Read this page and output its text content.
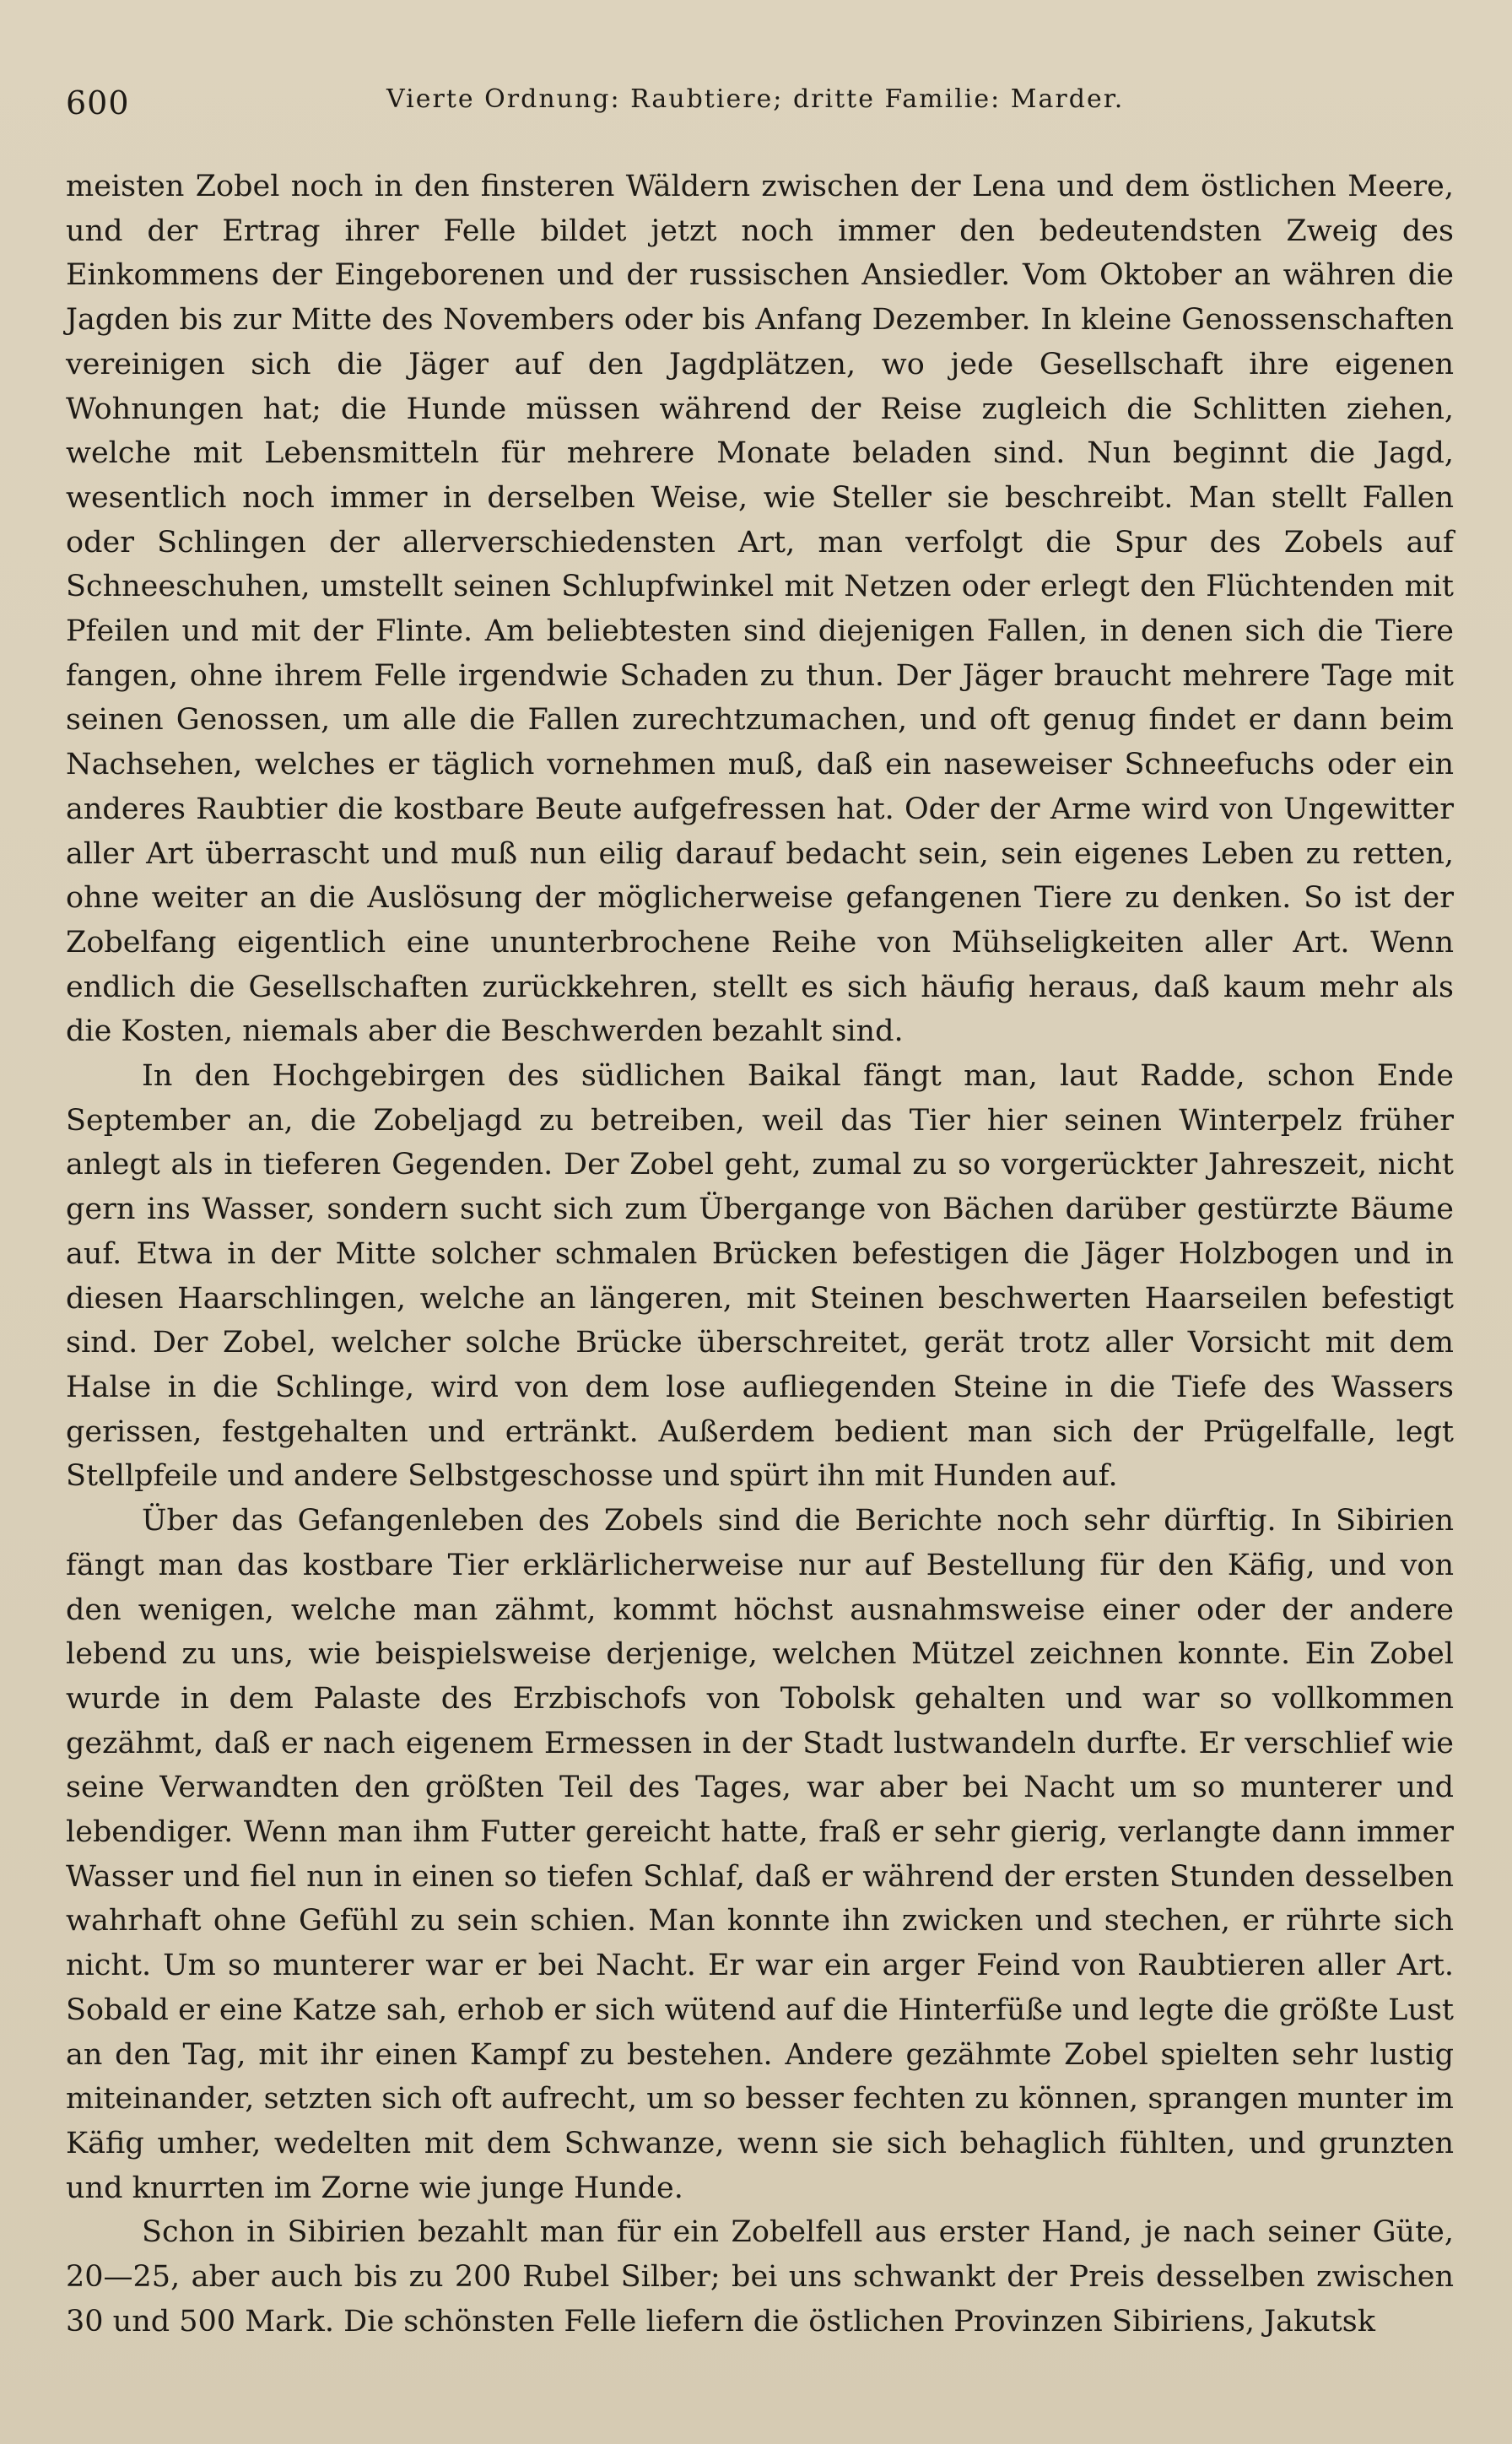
600	Vierte Ordnung: Raubtiere; dritte Familie: Marder.

meisten Zobel noch in den finsteren Wäldern zwischen der Lena und dem östlichen Meere, und der Ertrag ihrer Felle bildet jetzt noch immer den bedeutendsten Zweig des Einkommens der Eingeborenen und der russischen Ansiedler. Vom Oktober an währen die Jagden bis zur Mitte des Novembers oder bis Anfang Dezember. In kleine Genossenschaften vereinigen sich die Jäger auf den Jagdplätzen, wo jede Gesellschaft ihre eigenen Wohnungen hat; die Hunde müssen während der Reise zugleich die Schlitten ziehen, welche mit Lebensmitteln für mehrere Monate beladen sind. Nun beginnt die Jagd, wesentlich noch immer in derselben Weise, wie Steller sie beschreibt. Man stellt Fallen oder Schlingen der allerverschiedensten Art, man verfolgt die Spur des Zobels auf Schneeschuhen, umstellt seinen Schlupfwinkel mit Netzen oder erlegt den Flüchtenden mit Pfeilen und mit der Flinte. Am beliebtesten sind diejenigen Fallen, in denen sich die Tiere fangen, ohne ihrem Felle irgendwie Schaden zu thun. Der Jäger braucht mehrere Tage mit seinen Genossen, um alle die Fallen zurechtzumachen, und oft genug findet er dann beim Nachsehen, welches er täglich vornehmen muß, daß ein naseweiser Schneefuchs oder ein anderes Raubtier die kostbare Beute aufgefressen hat. Oder der Arme wird von Ungewitter aller Art überrascht und muß nun eilig darauf bedacht sein, sein eigenes Leben zu retten, ohne weiter an die Auslösung der möglicherweise gefangenen Tiere zu denken. So ist der Zobelfang eigentlich eine ununterbrochene Reihe von Mühseligkeiten aller Art. Wenn endlich die Gesellschaften zurückkehren, stellt es sich häufig heraus, daß kaum mehr als die Kosten, niemals aber die Beschwerden bezahlt sind.

In den Hochgebirgen des südlichen Baikal fängt man, laut Radde, schon Ende September an, die Zobeljagd zu betreiben, weil das Tier hier seinen Winterpelz früher anlegt als in tieferen Gegenden. Der Zobel geht, zumal zu so vorgerückter Jahreszeit, nicht gern ins Wasser, sondern sucht sich zum Übergange von Bächen darüber gestürzte Bäume auf. Etwa in der Mitte solcher schmalen Brücken befestigen die Jäger Holzbogen und in diesen Haarschlingen, welche an längeren, mit Steinen beschwerten Haarseilen befestigt sind. Der Zobel, welcher solche Brücke überschreitet, gerät trotz aller Vorsicht mit dem Halse in die Schlinge, wird von dem lose aufliegenden Steine in die Tiefe des Wassers gerissen, festgehalten und ertränkt. Außerdem bedient man sich der Prügelfalle, legt Stellpfeile und andere Selbstgeschosse und spürt ihn mit Hunden auf.

Über das Gefangenleben des Zobels sind die Berichte noch sehr dürftig. In Sibirien fängt man das kostbare Tier erklärlicherweise nur auf Bestellung für den Käfig, und von den wenigen, welche man zähmt, kommt höchst ausnahmsweise einer oder der andere lebend zu uns, wie beispielsweise derjenige, welchen Mützel zeichnen konnte. Ein Zobel wurde in dem Palaste des Erzbischofs von Tobolsk gehalten und war so vollkommen gezähmt, daß er nach eigenem Ermessen in der Stadt lustwandeln durfte. Er verschlief wie seine Verwandten den größten Teil des Tages, war aber bei Nacht um so munterer und lebendiger. Wenn man ihm Futter gereicht hatte, fraß er sehr gierig, verlangte dann immer Wasser und fiel nun in einen so tiefen Schlaf, daß er während der ersten Stunden desselben wahrhaft ohne Gefühl zu sein schien. Man konnte ihn zwicken und stechen, er rührte sich nicht. Um so munterer war er bei Nacht. Er war ein arger Feind von Raubtieren aller Art. Sobald er eine Katze sah, erhob er sich wütend auf die Hinterfüße und legte die größte Lust an den Tag, mit ihr einen Kampf zu bestehen. Andere gezähmte Zobel spielten sehr lustig miteinander, setzten sich oft aufrecht, um so besser fechten zu können, sprangen munter im Käfig umher, wedelten mit dem Schwanze, wenn sie sich behaglich fühlten, und grunzten und knurrten im Zorne wie junge Hunde.

Schon in Sibirien bezahlt man für ein Zobelfell aus erster Hand, je nach seiner Güte, 20—25, aber auch bis zu 200 Rubel Silber; bei uns schwankt der Preis desselben zwischen 30 und 500 Mark. Die schönsten Felle liefern die östlichen Provinzen Sibiriens, Jakutsk
